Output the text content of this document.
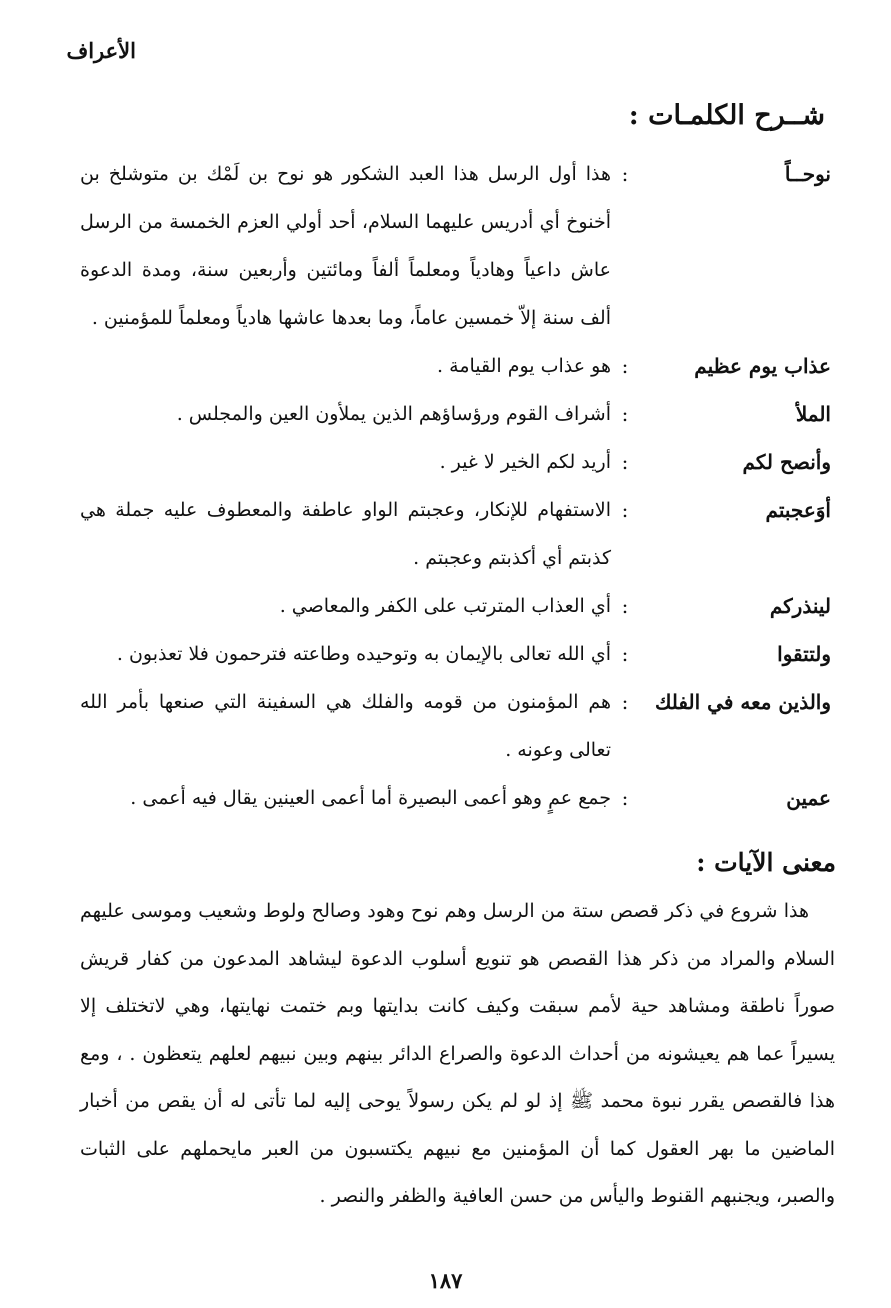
الأعراف
شــرح الكلمـات :
نوحــاً
:
هذا أول الرسل هذا العبد الشكور هو نوح بن لَمْك بن متوشلخ بن أخنوخ أي أدريس عليهما السلام، أحد أولي العزم الخمسة من الرسل عاش داعياً وهادياً ومعلماً ألفاً ومائتين وأربعين سنة، ومدة الدعوة ألف سنة إلاّ خمسين عاماً، وما بعدها عاشها هادياً ومعلماً للمؤمنين .
عذاب يوم عظيم
:
هو عذاب يوم القيامة .
الملأ
:
أشراف القوم ورؤساؤهم الذين يملأون العين والمجلس .
وأنصح لكم
:
أريد لكم الخير لا غير .
أوَعجبتم
:
الاستفهام للإنكار، وعجبتم الواو عاطفة والمعطوف عليه جملة هي كذبتم أي أكذبتم وعجبتم .
لينذركم
:
أي العذاب المترتب على الكفر والمعاصي .
ولتتقوا
:
أي الله تعالى بالإيمان به وتوحيده وطاعته فترحمون فلا تعذبون .
والذين معه في الفلك
:
هم المؤمنون من قومه والفلك هي السفينة التي صنعها بأمر الله تعالى وعونه .
عمين
:
جمع عمٍ وهو أعمى البصيرة أما أعمى العينين يقال فيه أعمى .
معنى الآيات :
هذا شروع في ذكر قصص ستة من الرسل وهم نوح وهود وصالح ولوط وشعيب وموسى عليهم السلام والمراد من ذكر هذا القصص هو تنويع أسلوب الدعوة ليشاهد المدعون من كفار قريش صوراً ناطقة ومشاهد حية لأمم سبقت وكيف كانت بدايتها وبم ختمت نهايتها، وهي لاتختلف إلا يسيراً عما هم يعيشونه من أحداث الدعوة والصراع الدائر بينهم وبين نبيهم لعلهم يتعظون . ، ومع هذا فالقصص يقرر نبوة محمد ﷺ إذ لو لم يكن رسولاً يوحى إليه لما تأتى له أن يقص من أخبار الماضين ما بهر العقول كما أن المؤمنين مع نبيهم يكتسبون من العبر مايحملهم على الثبات والصبر، ويجنبهم القنوط واليأس من حسن العافية والظفر والنصر .
١٨٧
